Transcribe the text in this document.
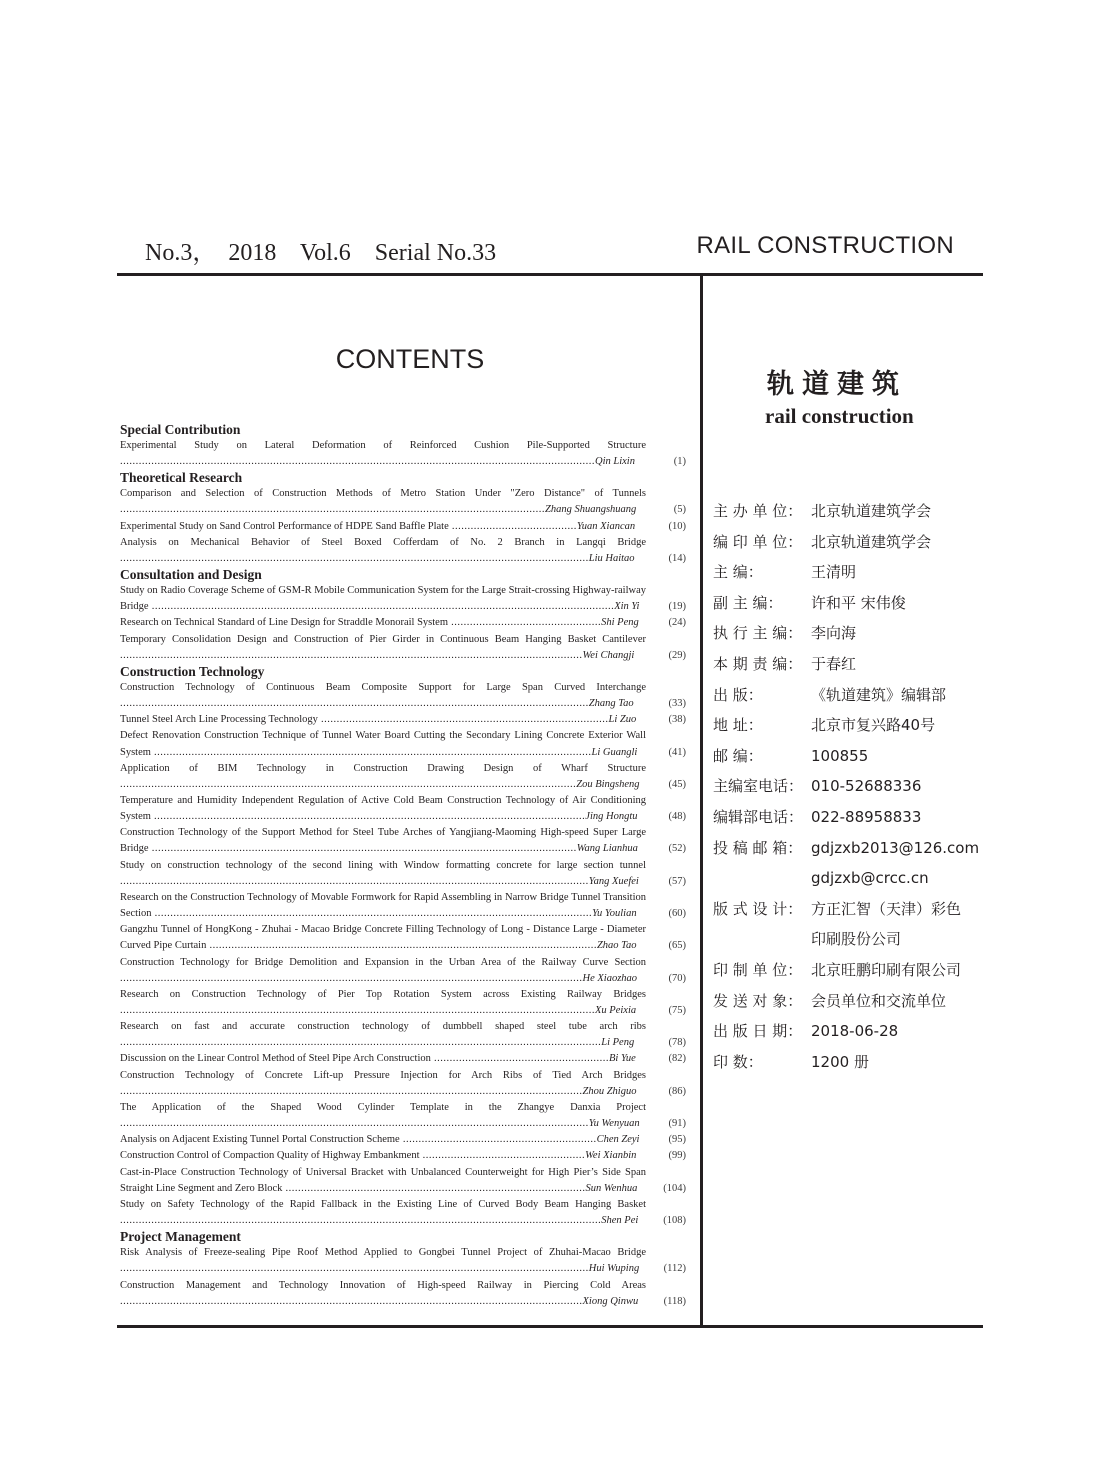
No.3，  2018    Vol.6    Serial No.33	RAIL CONSTRUCTION
CONTENTS
Special Contribution
Experimental Study on Lateral Deformation of Reinforced Cushion Pile-Supported Structure ........................................................................................................................................................Qin Lixin	(1)
Theoretical Research
Comparison and Selection of Construction Methods of Metro Station Under "Zero Distance" of Tunnels ........................................................................................................................................Zhang Shuangshuang	(5)
Experimental Study on Sand Control Performance of HDPE Sand Baffle Plate ........................................Yuan Xiancan	(10)
Analysis on Mechanical Behavior of Steel Boxed Cofferdam of No. 2 Branch in Langqi Bridge ......................................................................................................................................................Liu Haitao	(14)
Consultation and Design
Study on Radio Coverage Scheme of GSM-R Mobile Communication System for the Large Strait-crossing Highway-railway Bridge ....................................................................................................................................................Xin Yi	(19)
Research on Technical Standard of Line Design for Straddle Monorail System ................................................Shi Peng	(24)
Temporary Consolidation Design and Construction of Pier Girder in Continuous Beam Hanging Basket Cantilever ....................................................................................................................................................Wei Changji	(29)
Construction Technology
Construction Technology of Continuous Beam Composite Support for Large Span Curved Interchange ......................................................................................................................................................Zhang Tao	(33)
Tunnel Steel Arch Line Processing Technology ............................................................................................Li Zuo	(38)
Defect Renovation Construction Technique of Tunnel Water Board Cutting the Secondary Lining Concrete Exterior Wall System ............................................................................................................................................Li Guangli	(41)
Application of BIM Technology in Construction Drawing Design of Wharf Structure ..................................................................................................................................................Zou Bingsheng	(45)
Temperature and Humidity Independent Regulation of Active Cold Beam Construction Technology of Air Conditioning System ..........................................................................................................................................Jing Hongtu	(48)
Construction Technology of the Support Method for Steel Tube Arches of Yangjiang-Maoming High-speed Super Large Bridge ........................................................................................................................................Wang Lianhua	(52)
Study on construction technology of the second lining with Window formatting concrete for large section tunnel ......................................................................................................................................................Yang Xuefei	(57)
Research on the Construction Technology of Movable Formwork for Rapid Assembling in Narrow Bridge Tunnel Transition Section ............................................................................................................................................Yu Youlian	(60)
Gangzhu Tunnel of HongKong - Zhuhai - Macao Bridge Concrete Filling Technology of Long - Distance Large - Diameter Curved Pipe Curtain ............................................................................................................................Zhao Tao	(65)
Construction Technology for Bridge Demolition and Expansion in the Urban Area of the Railway Curve Section ....................................................................................................................................................He Xiaozhao	(70)
Research on Construction Technology of Pier Top Rotation System across Existing Railway Bridges ........................................................................................................................................................Xu Peixia	(75)
Research on fast and accurate construction technology of dumbbell shaped steel tube arch ribs ..........................................................................................................................................................Li Peng	(78)
Discussion on the Linear Control Method of Steel Pipe Arch Construction ........................................................Bi Yue	(82)
Construction Technology of Concrete Lift-up Pressure Injection for Arch Ribs of Tied Arch Bridges ....................................................................................................................................................Zhou Zhiguo	(86)
The Application of the Shaped Wood Cylinder Template in the Zhangye Danxia Project ......................................................................................................................................................Yu Wenyuan	(91)
Analysis on Adjacent Existing Tunnel Portal Construction Scheme ..............................................................Chen Zeyi	(95)
Construction Control of Compaction Quality of Highway Embankment ....................................................Wei Xianbin	(99)
Cast-in-Place Construction Technology of Universal Bracket with Unbalanced Counterweight for High Pier’s Side Span Straight Line Segment and Zero Block ................................................................................................Sun Wenhua (104)
Study on Safety Technology of the Rapid Fallback in the Existing Line of Curved Body Beam Hanging Basket ..........................................................................................................................................................Shen Pei (108)
Project Management
Risk Analysis of Freeze-sealing Pipe Roof Method Applied to Gongbei Tunnel Project of Zhuhai-Macao Bridge ......................................................................................................................................................Hui Wuping (112)
Construction Management and Technology Innovation of High-speed Railway in Piercing Cold Areas ....................................................................................................................................................Xiong Qinwu (118)
轨道建筑
rail construction
主 办 单 位： 北京轨道建筑学会
编 印 单 位： 北京轨道建筑学会
主 编：	王清明
副 主 编：	许和平 宋伟俊
执 行 主 编： 李向海
本 期 责 编： 于春红
出 版：	《轨道建筑》编辑部
地 址：	北京市复兴路40号
邮 编：	100855
主编室电话： 010-52688336
编辑部电话： 022-88958833
投 稿 邮 箱： gdjzxb2013@126.com
gdjzxb@crcc.cn
版 式 设 计： 方正汇智（天津）彩色
印刷股份公司
印 制 单 位： 北京旺鹏印刷有限公司
发 送 对 象： 会员单位和交流单位
出 版 日 期： 2018-06-28
印 数：	1200 册
